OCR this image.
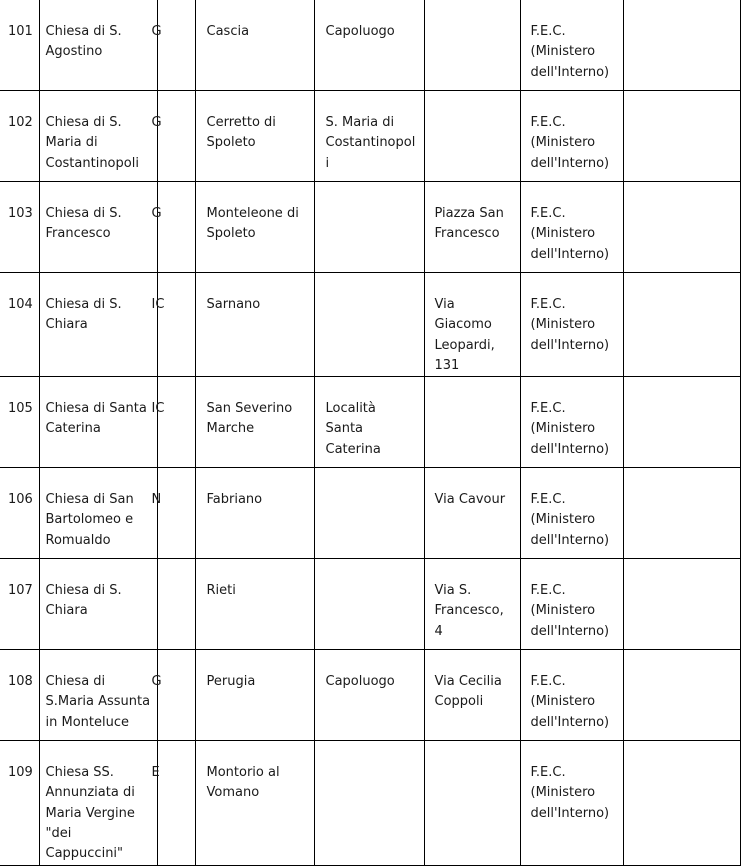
101	Chiesa di S. Agostino	G	Cascia	Capoluogo		F.E.C. (Ministero dell'Interno)	
102	Chiesa di S. Maria di Costantinopoli	G	Cerretto di Spoleto	S. Maria di Costantinopoli		F.E.C. (Ministero dell'Interno)	
103	Chiesa di S. Francesco	G	Monteleone di Spoleto		Piazza San Francesco	F.E.C. (Ministero dell'Interno)	
104	Chiesa di S. Chiara	IC	Sarnano		Via Giacomo Leopardi, 131	F.E.C. (Ministero dell'Interno)	
105	Chiesa di Santa Caterina	IC	San Severino Marche	Località Santa Caterina		F.E.C. (Ministero dell'Interno)	
106	Chiesa di San Bartolomeo e Romualdo	N	Fabriano		Via Cavour	F.E.C. (Ministero dell'Interno)	
107	Chiesa di S. Chiara		Rieti		Via S. Francesco, 4	F.E.C. (Ministero dell'Interno)	
108	Chiesa di S.Maria Assunta in Monteluce	G	Perugia	Capoluogo	Via Cecilia Coppoli	F.E.C. (Ministero dell'Interno)	
109	Chiesa SS. Annunziata di Maria Vergine "dei Cappuccini"	E	Montorio al Vomano			F.E.C. (Ministero dell'Interno)	
